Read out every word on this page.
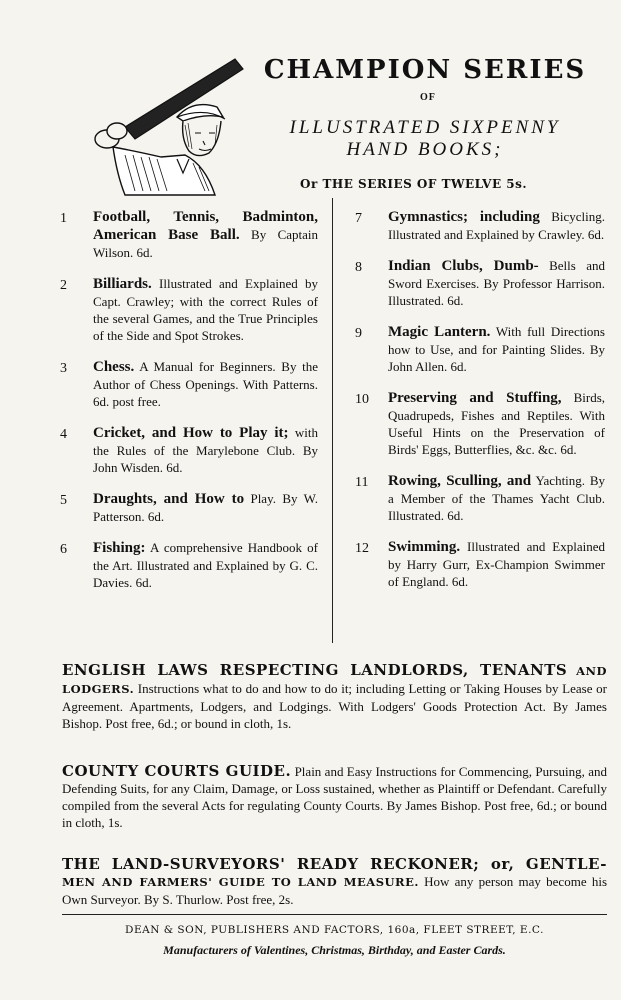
CHAMPION SERIES
OF
ILLUSTRATED SIXPENNY
HAND BOOKS;
Or THE SERIES OF TWELVE 5s.
1	Football, Tennis, Badminton, American Base Ball. By Captain Wilson. 6d.
2	Billiards. Illustrated and Explained by Capt. Crawley; with the correct Rules of the several Games, and the True Principles of the Side and Spot Strokes.
3	Chess. A Manual for Beginners. By the Author of Chess Openings. With Patterns. 6d. post free.
4	Cricket, and How to Play it; with the Rules of the Marylebone Club. By John Wisden. 6d.
5	Draughts, and How to Play. By W. Patterson. 6d.
6	Fishing: A comprehensive Handbook of the Art. Illustrated and Explained by G. C. Davies. 6d.
7	Gymnastics; including Bicycling. Illustrated and Explained by Crawley. 6d.
8	Indian Clubs, Dumb- Bells and Sword Exercises. By Professor Harrison. Illustrated. 6d.
9	Magic Lantern. With full Directions how to Use, and for Painting Slides. By John Allen. 6d.
10	Preserving and Stuffing, Birds, Quadrupeds, Fishes and Reptiles. With Useful Hints on the Preservation of Birds' Eggs, Butterflies, &c. &c. 6d.
11	Rowing, Sculling, and Yachting. By a Member of the Thames Yacht Club. Illustrated. 6d.
12	Swimming. Illustrated and Explained by Harry Gurr, Ex-Champion Swimmer of England. 6d.
ENGLISH LAWS RESPECTING LANDLORDS, TENANTS AND LODGERS. Instructions what to do and how to do it; including Letting or Taking Houses by Lease or Agreement. Apartments, Lodgers, and Lodgings. With Lodgers' Goods Protection Act. By James Bishop. Post free, 6d.; or bound in cloth, 1s.
COUNTY COURTS GUIDE. Plain and Easy Instructions for Commencing, Pursuing, and Defending Suits, for any Claim, Damage, or Loss sustained, whether as Plaintiff or Defendant. Carefully compiled from the several Acts for regulating County Courts. By James Bishop. Post free, 6d.; or bound in cloth, 1s.
THE LAND-SURVEYORS' READY RECKONER; or, GENTLE- MEN AND FARMERS' GUIDE TO LAND MEASURE. How any person may become his Own Surveyor. By S. Thurlow. Post free, 2s.
DEAN & SON, PUBLISHERS AND FACTORS, 160a, FLEET STREET, E.C.
Manufacturers of Valentines, Christmas, Birthday, and Easter Cards.
